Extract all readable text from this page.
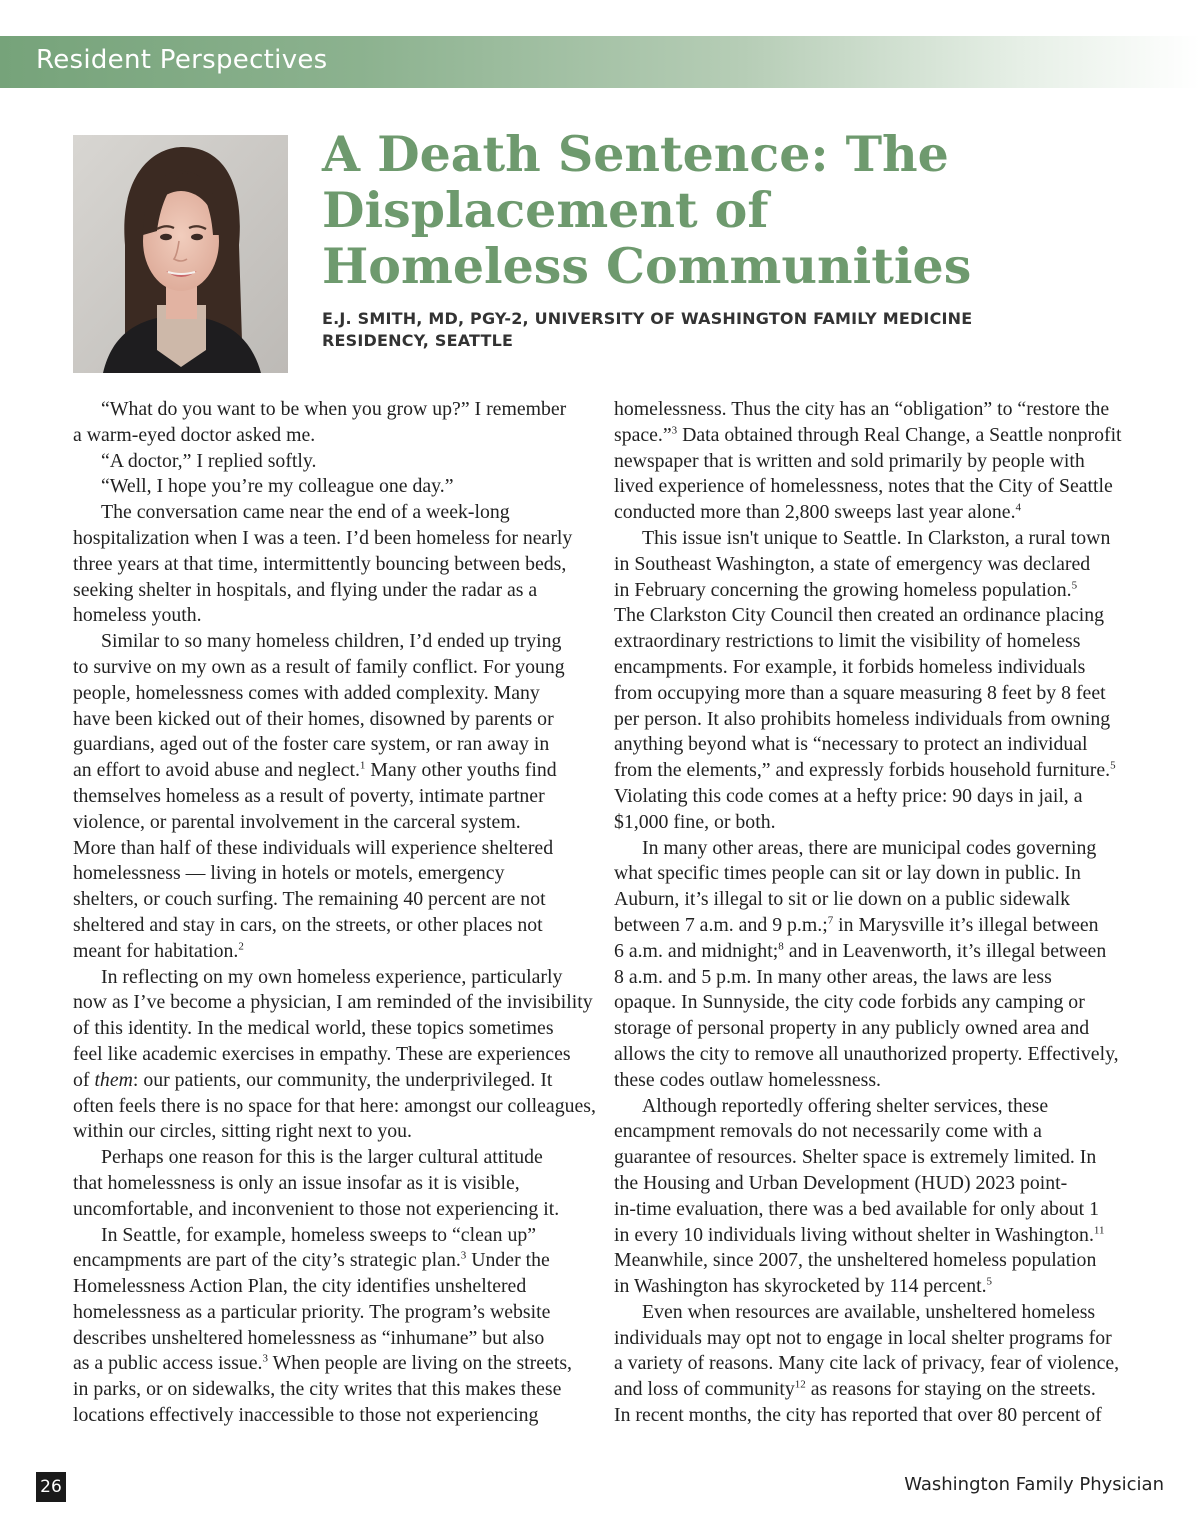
Resident Perspectives
A Death Sentence: The
Displacement of
Homeless Communities
E.J. SMITH, MD, PGY-2, UNIVERSITY OF WASHINGTON FAMILY MEDICINE
RESIDENCY, SEATTLE
“What do you want to be when you grow up?” I remember
a warm-eyed doctor asked me.
“A doctor,” I replied softly.
“Well, I hope you’re my colleague one day.”
The conversation came near the end of a week-long
hospitalization when I was a teen. I’d been homeless for nearly
three years at that time, intermittently bouncing between beds,
seeking shelter in hospitals, and flying under the radar as a
homeless youth.
Similar to so many homeless children, I’d ended up trying
to survive on my own as a result of family conflict. For young
people, homelessness comes with added complexity. Many
have been kicked out of their homes, disowned by parents or
guardians, aged out of the foster care system, or ran away in
an effort to avoid abuse and neglect.$^1$ Many other youths find
themselves homeless as a result of poverty, intimate partner
violence, or parental involvement in the carceral system.
More than half of these individuals will experience sheltered
homelessness — living in hotels or motels, emergency
shelters, or couch surfing. The remaining 40 percent are not
sheltered and stay in cars, on the streets, or other places not
meant for habitation.$^2$
In reflecting on my own homeless experience, particularly
now as I’ve become a physician, I am reminded of the invisibility
of this identity. In the medical world, these topics sometimes
feel like academic exercises in empathy. These are experiences
of them: our patients, our community, the underprivileged. It
often feels there is no space for that here: amongst our colleagues,
within our circles, sitting right next to you.
Perhaps one reason for this is the larger cultural attitude
that homelessness is only an issue insofar as it is visible,
uncomfortable, and inconvenient to those not experiencing it.
In Seattle, for example, homeless sweeps to “clean up”
encampments are part of the city’s strategic plan.$^3$ Under the
Homelessness Action Plan, the city identifies unsheltered
homelessness as a particular priority. The program’s website
describes unsheltered homelessness as “inhumane” but also
as a public access issue.$^3$ When people are living on the streets,
in parks, or on sidewalks, the city writes that this makes these
locations effectively inaccessible to those not experiencing
homelessness. Thus the city has an “obligation” to “restore the
space.”$^3$ Data obtained through Real Change, a Seattle nonprofit
newspaper that is written and sold primarily by people with
lived experience of homelessness, notes that the City of Seattle
conducted more than 2,800 sweeps last year alone.$^4$
This issue isn't unique to Seattle. In Clarkston, a rural town
in Southeast Washington, a state of emergency was declared
in February concerning the growing homeless population.$^5$
The Clarkston City Council then created an ordinance placing
extraordinary restrictions to limit the visibility of homeless
encampments. For example, it forbids homeless individuals
from occupying more than a square measuring 8 feet by 8 feet
per person. It also prohibits homeless individuals from owning
anything beyond what is “necessary to protect an individual
from the elements,” and expressly forbids household furniture.$^5$
Violating this code comes at a hefty price: 90 days in jail, a
$1,000 fine, or both.
In many other areas, there are municipal codes governing
what specific times people can sit or lay down in public. In
Auburn, it’s illegal to sit or lie down on a public sidewalk
between 7 a.m. and 9 p.m.;$^7$ in Marysville it’s illegal between
6 a.m. and midnight;$^8$ and in Leavenworth, it’s illegal between
8 a.m. and 5 p.m. In many other areas, the laws are less
opaque. In Sunnyside, the city code forbids any camping or
storage of personal property in any publicly owned area and
allows the city to remove all unauthorized property. Effectively,
these codes outlaw homelessness.
Although reportedly offering shelter services, these
encampment removals do not necessarily come with a
guarantee of resources. Shelter space is extremely limited. In
the Housing and Urban Development (HUD) 2023 point-
in-time evaluation, there was a bed available for only about 1
in every 10 individuals living without shelter in Washington.$^{11}$
Meanwhile, since 2007, the unsheltered homeless population
in Washington has skyrocketed by 114 percent.$^5$
Even when resources are available, unsheltered homeless
individuals may opt not to engage in local shelter programs for
a variety of reasons. Many cite lack of privacy, fear of violence,
and loss of community$^{12}$ as reasons for staying on the streets.
In recent months, the city has reported that over 80 percent of
26	Washington Family Physician
